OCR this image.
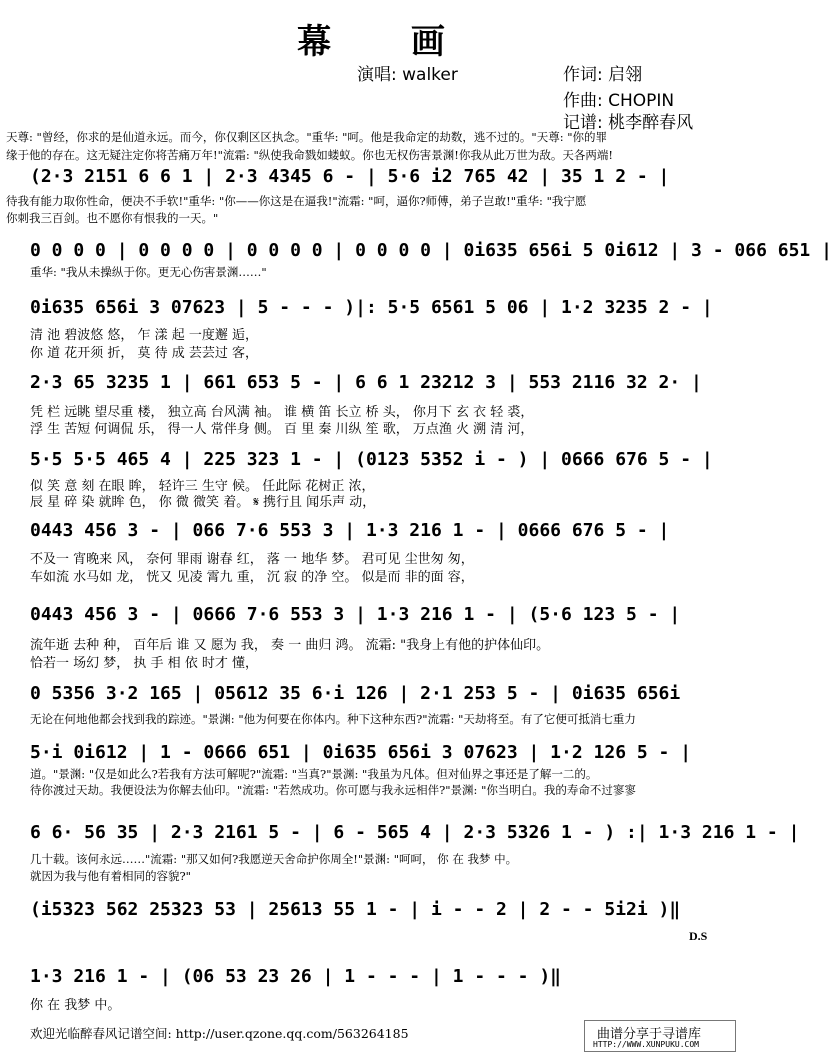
幕 画
演唱: walker	作词: 启翎
作曲: CHOPIN
记谱: 桃李醉春风
天尊: "曾经，你求的是仙道永远。而今，你仅剩区区执念。"重华: "呵。他是我命定的劫数，逃不过的。"天尊: "你的罪
缘于他的存在。这无疑注定你将苦痛万年!"流霜: "纵使我命戮如蝼蚁。你也无权伤害景渊!你我从此万世为敌。天各两端!
(2·3 2151 6 6 1 | 2·3 4345 6 - | 5·6 i2 765 42 | 35 1 2 - |
待我有能力取你性命，便决不手软!"重华: "你——你这是在逼我!"流霜: "呵，逼你?师傅，弟子岂敢!"重华: "我宁愿
你刺我三百剑。也不愿你有恨我的一天。"
0 0 0 0 | 0 0 0 0 | 0 0 0 0 | 0 0 0 0 | 0i635 656i 5 0i612 | 3 - 066 651 |
重华: "我从未操纵于你。更无心伤害景渊……"
0i635 656i 3 07623 | 5 - - - )|: 5·5 6561 5 06 | 1·2 3235 2 - |
清 池 碧波悠 悠， 乍 漾 起 一度邂 逅，
你 道 花开须 折， 莫 待 成 芸芸过 客，
2·3 65 3235 1 | 661 653 5 - | 6 6 1 23212 3 | 553 2116 32 2· |
凭 栏 远眺 望尽重 楼， 独立高 台风满 袖。 谁 横 笛 长立 桥 头， 你月下 玄 衣 轻 裘，
浮 生 苦短 何调侃 乐， 得一人 常伴身 侧。 百 里 秦 川纵 笙 歌， 万点渔 火 溯 清 河，
5·5 5·5 465 4 | 225 323 1 - | (0123 5352 i - ) | 0666 676 5 - |
似 笑 意 刻 在眼 眸， 轻许三 生守 候。 任此际 花树正 浓，
辰 星 碎 染 就眸 色， 你 微 微笑 着。 𝄋 携行且 闻乐声 动，
0443 456 3 - | 066 7·6 553 3 | 1·3 216 1 - | 0666 676 5 - |
不及一 宵晚来 风， 奈何 罪雨 谢春 红， 落 一 地华 梦。 君可见 尘世匆 匆，
车如流 水马如 龙， 恍又 见凌 霄九 重， 沉 寂 的净 空。 似是而 非的面 容，
0443 456 3 - | 0666 7·6 553 3 | 1·3 216 1 - | (5·6 123 5 - |
流年逝 去种 种， 百年后 谁 又 愿为 我， 奏 一 曲归 鸿。 流霜: "我身上有他的护体仙印。
恰若一 场幻 梦， 执 手 相 依 时才 懂，
0 5356 3·2 165 | 05612 35 6·i 126 | 2·1 253 5 - | 0i635 656i
无论在何地他都会找到我的踪迹。"景渊: "他为何要在你体内。种下这种东西?"流霜: "天劫将至。有了它便可抵消七重力
5·i 0i612 | 1 - 0666 651 | 0i635 656i 3 07623 | 1·2 126 5 - |
道。"景渊: "仅是如此么?若我有方法可解呢?"流霜: "当真?"景渊: "我虽为凡体。但对仙界之事还是了解一二的。
待你渡过天劫。我便设法为你解去仙印。"流霜: "若然成功。你可愿与我永远相伴?"景渊: "你当明白。我的寿命不过寥寥
6 6· 56 35 | 2·3 2161 5 - | 6 - 565 4 | 2·3 5326 1 - ) :| 1·3 216 1 - |
几十载。该何永远……"流霜: "那又如何?我愿逆天舍命护你周全!"景渊: "呵呵， 你 在 我梦 中。
就因为我与他有着相同的容貌?"
(i5323 562 25323 53 | 25613 55 1 - | i - - 2 | 2 - - 5i2i )‖
D.S
1·3 216 1 - | (06 53 23 26 | 1 - - - | 1 - - - )‖
你 在 我梦 中。
欢迎光临醉春风记谱空间: http://user.qzone.qq.com/563264185	曲谱分享于寻谱库
HTTP://WWW.XUNPUKU.COM
